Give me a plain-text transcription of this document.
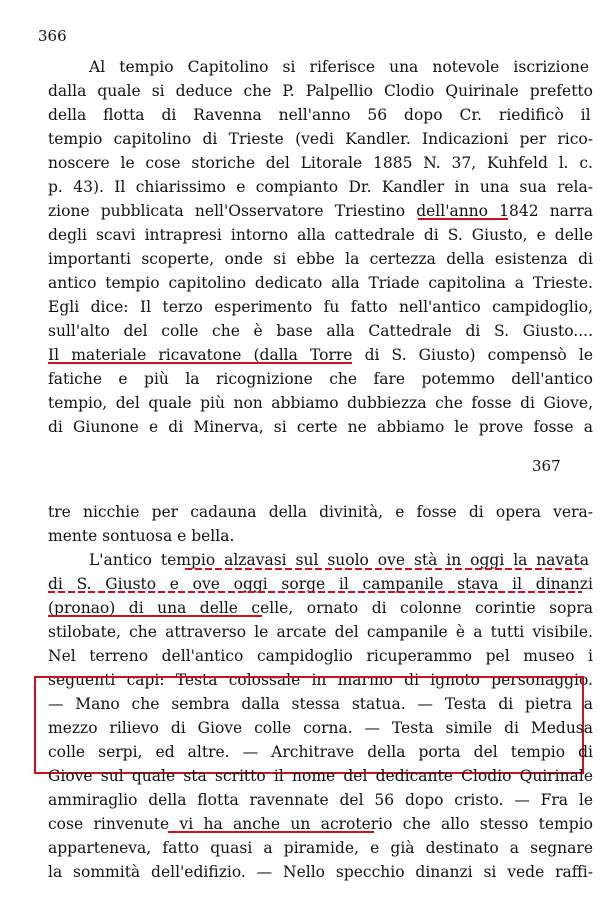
366
Al tempio Capitolino si riferisce una notevole iscrizione
dalla quale si deduce che P. Palpellio Clodio Quirinale prefetto
della flotta di Ravenna nell'anno 56 dopo Cr. riedificò il
tempio capitolino di Trieste (vedi Kandler. Indicazioni per rico-
noscere le cose storiche del Litorale 1885 N. 37, Kuhfeld l. c.
p. 43). Il chiarissimo e compianto Dr. Kandler in una sua rela-
zione pubblicata nell'Osservatore Triestino dell'anno 1842 narra
degli scavi intrapresi intorno alla cattedrale di S. Giusto, e delle
importanti scoperte, onde si ebbe la certezza della esistenza di
antico tempio capitolino dedicato alla Triade capitolina a Trieste.
Egli dice: Il terzo esperimento fu fatto nell'antico campidoglio,
sull'alto del colle che è base alla Cattedrale di S. Giusto....
Il materiale ricavatone (dalla Torre di S. Giusto) compensò le
fatiche e più la ricognizione che fare potemmo dell'antico
tempio, del quale più non abbiamo dubbiezza che fosse di Giove,
di Giunone e di Minerva, si certe ne abbiamo le prove fosse a
367
tre nicchie per cadauna della divinità, e fosse di opera vera-
mente sontuosa e bella.
L'antico tempio alzavasi sul suolo ove stà in oggi la navata
di S. Giusto e ove oggi sorge il campanile stava il dinanzi
(pronao) di una delle celle, ornato di colonne corintie sopra
stilobate, che attraverso le arcate del campanile è a tutti visibile.
Nel terreno dell'antico campidoglio ricuperammo pel museo i
seguenti capi: Testa colossale in marmo di ignoto personaggio.
— Mano che sembra dalla stessa statua. — Testa di pietra a
mezzo rilievo di Giove colle corna. — Testa simile di Medusa
colle serpi, ed altre. — Architrave della porta del tempio di
Giove sul quale sta scritto il nome del dedicante Clodio Quirinale
ammiraglio della flotta ravennate del 56 dopo cristo. — Fra le
cose rinvenute vi ha anche un acroterio che allo stesso tempio
apparteneva, fatto quasi a piramide, e già destinato a segnare
la sommità dell'edifizio. — Nello specchio dinanzi si vede raffi-
